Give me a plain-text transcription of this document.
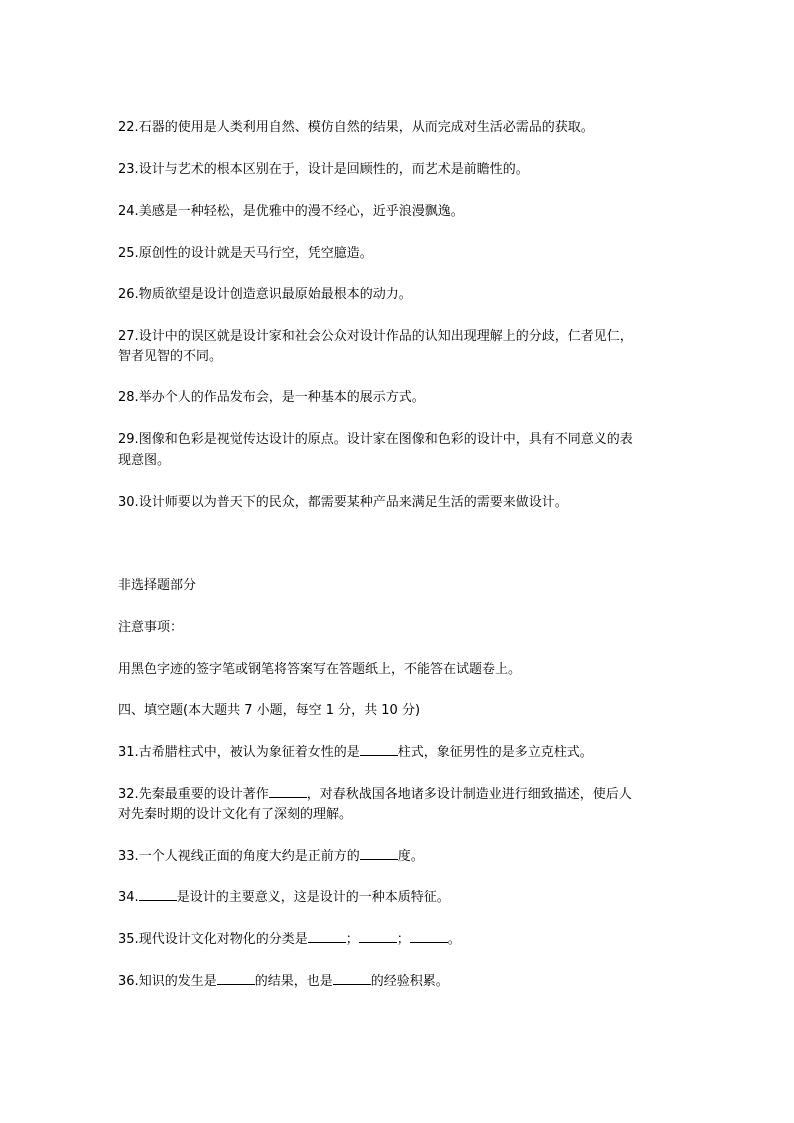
22.石器的使用是人类利用自然、模仿自然的结果，从而完成对生活必需品的获取。
23.设计与艺术的根本区别在于，设计是回顾性的，而艺术是前瞻性的。
24.美感是一种轻松，是优雅中的漫不经心，近乎浪漫飘逸。
25.原创性的设计就是天马行空，凭空臆造。
26.物质欲望是设计创造意识最原始最根本的动力。
27.设计中的误区就是设计家和社会公众对设计作品的认知出现理解上的分歧，仁者见仁，
智者见智的不同。
28.举办个人的作品发布会，是一种基本的展示方式。
29.图像和色彩是视觉传达设计的原点。设计家在图像和色彩的设计中，具有不同意义的表
现意图。
30.设计师要以为普天下的民众，都需要某种产品来满足生活的需要来做设计。
非选择题部分
注意事项：
用黑色字迹的签字笔或钢笔将答案写在答题纸上，不能答在试题卷上。
四、填空题(本大题共 7 小题，每空 1 分，共 10 分)
31.古希腊柱式中，被认为象征着女性的是	柱式，象征男性的是多立克柱式。
32.先秦最重要的设计著作	，对春秋战国各地诸多设计制造业进行细致描述，使后人
对先秦时期的设计文化有了深刻的理解。
33.一个人视线正面的角度大约是正前方的	度。
34.	是设计的主要意义，这是设计的一种本质特征。
35.现代设计文化对物化的分类是	；	；	。
36.知识的发生是	的结果，也是	的经验积累。
